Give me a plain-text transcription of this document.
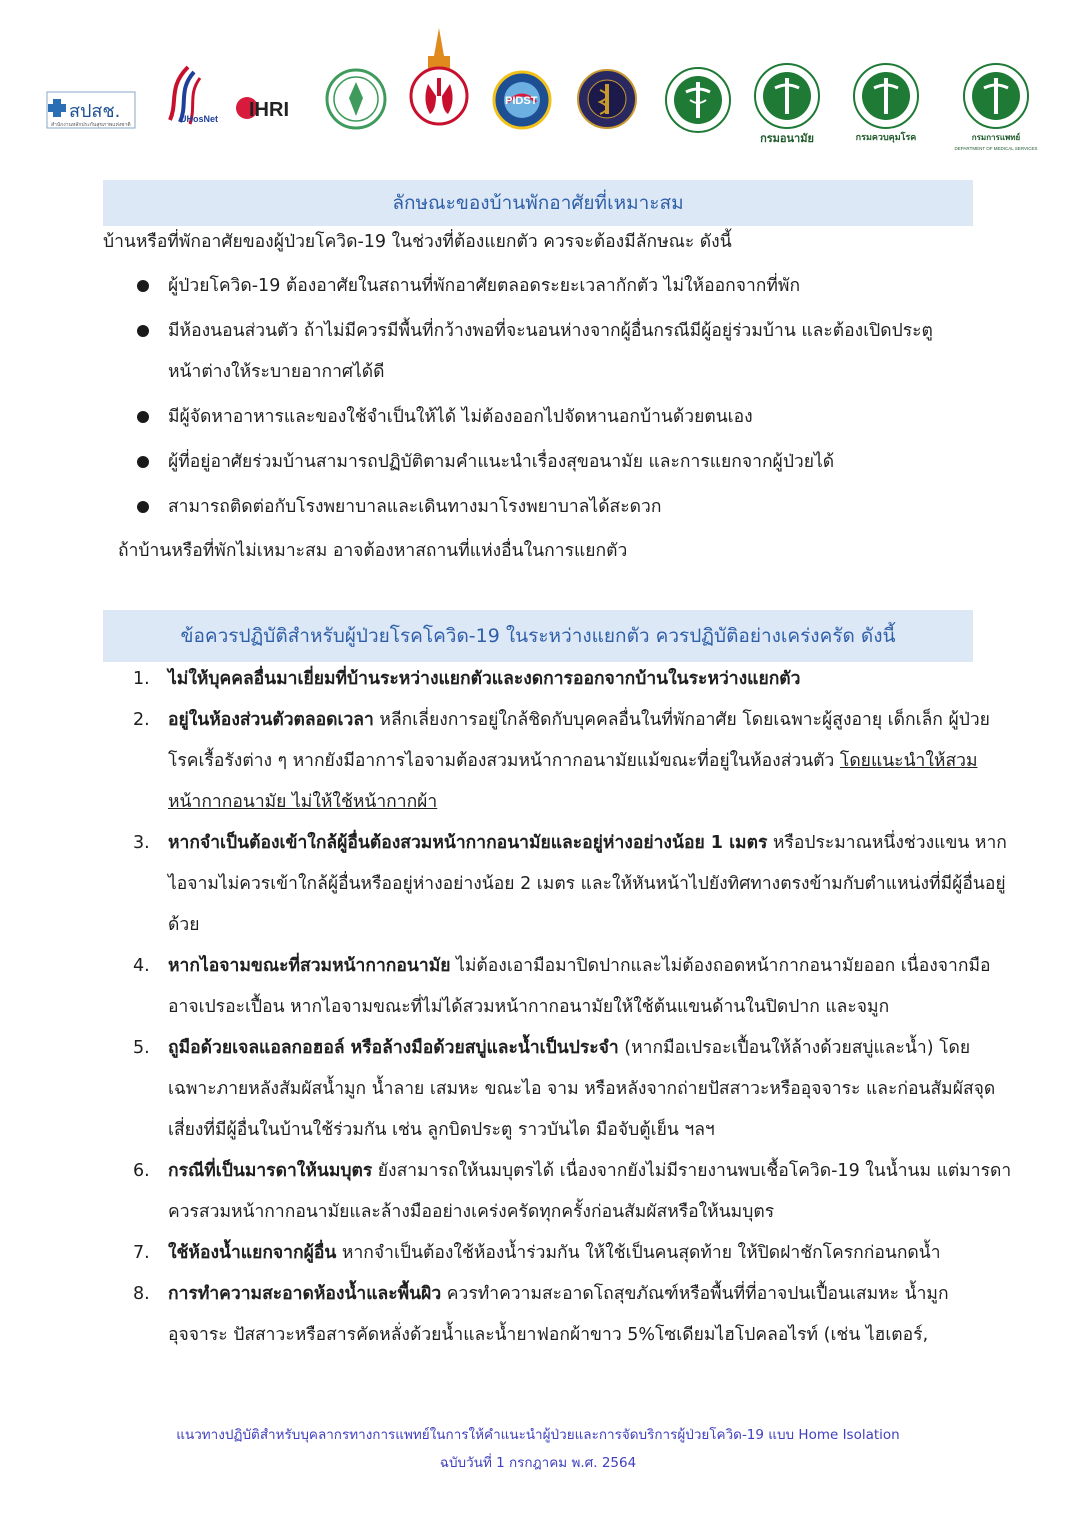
สปสช.
สำนักงานหลักประกันสุขภาพแห่งชาติ
UHosNet IHRI	PIDST
กรมอนามัย	กรมควบคุมโรค	กรมการแพทย์
DEPARTMENT OF MEDICAL SERVICES
ลักษณะของบ้านพักอาศัยที่เหมาะสม
บ้านหรือที่พักอาศัยของผู้ป่วยโควิด-19 ในช่วงที่ต้องแยกตัว ควรจะต้องมีลักษณะ ดังนี้
ผู้ป่วยโควิด-19 ต้องอาศัยในสถานที่พักอาศัยตลอดระยะเวลากักตัว ไม่ให้ออกจากที่พัก
มีห้องนอนส่วนตัว ถ้าไม่มีควรมีพื้นที่กว้างพอที่จะนอนห่างจากผู้อื่นกรณีมีผู้อยู่ร่วมบ้าน และต้องเปิดประตูหน้าต่างให้ระบายอากาศได้ดี
มีผู้จัดหาอาหารและของใช้จำเป็นให้ได้ ไม่ต้องออกไปจัดหานอกบ้านด้วยตนเอง
ผู้ที่อยู่อาศัยร่วมบ้านสามารถปฏิบัติตามคำแนะนำเรื่องสุขอนามัย และการแยกจากผู้ป่วยได้
สามารถติดต่อกับโรงพยาบาลและเดินทางมาโรงพยาบาลได้สะดวก
ถ้าบ้านหรือที่พักไม่เหมาะสม อาจต้องหาสถานที่แห่งอื่นในการแยกตัว
ข้อควรปฏิบัติสำหรับผู้ป่วยโรคโควิด-19 ในระหว่างแยกตัว ควรปฏิบัติอย่างเคร่งครัด ดังนี้
1. ไม่ให้บุคคลอื่นมาเยี่ยมที่บ้านระหว่างแยกตัวและงดการออกจากบ้านในระหว่างแยกตัว
2. อยู่ในห้องส่วนตัวตลอดเวลา หลีกเลี่ยงการอยู่ใกล้ชิดกับบุคคลอื่นในที่พักอาศัย โดยเฉพาะผู้สูงอายุ เด็กเล็ก ผู้ป่วยโรคเรื้อรังต่าง ๆ หากยังมีอาการไอจามต้องสวมหน้ากากอนามัยแม้ขณะที่อยู่ในห้องส่วนตัว โดยแนะนำให้สวมหน้ากากอนามัย ไม่ให้ใช้หน้ากากผ้า
3. หากจำเป็นต้องเข้าใกล้ผู้อื่นต้องสวมหน้ากากอนามัยและอยู่ห่างอย่างน้อย 1 เมตร หรือประมาณหนึ่งช่วงแขน หากไอจามไม่ควรเข้าใกล้ผู้อื่นหรืออยู่ห่างอย่างน้อย 2 เมตร และให้หันหน้าไปยังทิศทางตรงข้ามกับตำแหน่งที่มีผู้อื่นอยู่ด้วย
4. หากไอจามขณะที่สวมหน้ากากอนามัย ไม่ต้องเอามือมาปิดปากและไม่ต้องถอดหน้ากากอนามัยออก เนื่องจากมืออาจเปรอะเปื้อน หากไอจามขณะที่ไม่ได้สวมหน้ากากอนามัยให้ใช้ต้นแขนด้านในปิดปาก และจมูก
5. ถูมือด้วยเจลแอลกอฮอล์ หรือล้างมือด้วยสบู่และน้ำเป็นประจำ (หากมือเปรอะเปื้อนให้ล้างด้วยสบู่และน้ำ) โดยเฉพาะภายหลังสัมผัสน้ำมูก น้ำลาย เสมหะ ขณะไอ จาม หรือหลังจากถ่ายปัสสาวะหรืออุจจาระ และก่อนสัมผัสจุดเสี่ยงที่มีผู้อื่นในบ้านใช้ร่วมกัน เช่น ลูกบิดประตู ราวบันได มือจับตู้เย็น ฯลฯ
6. กรณีที่เป็นมารดาให้นมบุตร ยังสามารถให้นมบุตรได้ เนื่องจากยังไม่มีรายงานพบเชื้อโควิด-19 ในน้ำนม แต่มารดาควรสวมหน้ากากอนามัยและล้างมืออย่างเคร่งครัดทุกครั้งก่อนสัมผัสหรือให้นมบุตร
7. ใช้ห้องน้ำแยกจากผู้อื่น หากจำเป็นต้องใช้ห้องน้ำร่วมกัน ให้ใช้เป็นคนสุดท้าย ให้ปิดฝาชักโครกก่อนกดน้ำ
8. การทำความสะอาดห้องน้ำและพื้นผิว ควรทำความสะอาดโถสุขภัณฑ์หรือพื้นที่ที่อาจปนเปื้อนเสมหะ น้ำมูก อุจจาระ ปัสสาวะหรือสารคัดหลั่งด้วยน้ำและน้ำยาฟอกผ้าขาว 5%โซเดียมไฮโปคลอไรท์ (เช่น ไฮเตอร์,
แนวทางปฏิบัติสำหรับบุคลากรทางการแพทย์ในการให้คำแนะนำผู้ป่วยและการจัดบริการผู้ป่วยโควิด-19 แบบ Home Isolation
ฉบับวันที่ 1 กรกฎาคม พ.ศ. 2564
